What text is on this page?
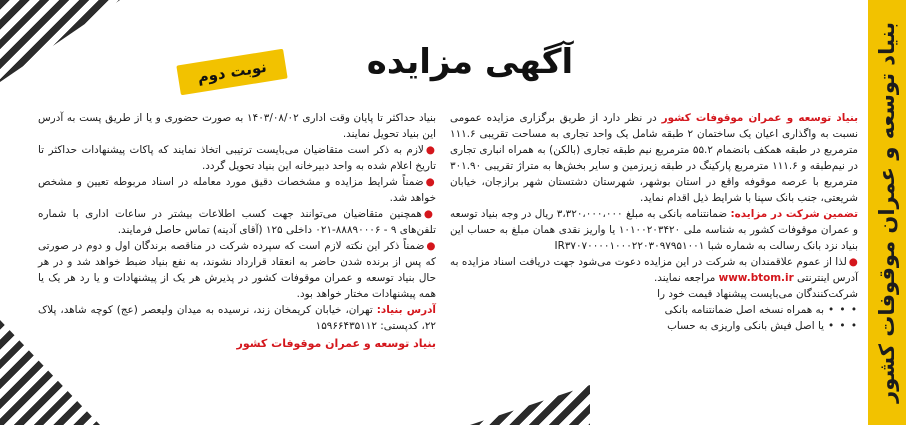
بنیاد توسعه و عمران موقوفات کشور
آگهی مزایده
نوبت دوم

بنیاد توسعه و عمران موقوفات کشور در نظر دارد از طریق برگزاری مزایده عمومی نسبت به واگذاری اعیان یک ساختمان ۲ طبقه شامل یک واحد تجاری به مساحت تقریبی ۱۱۱.۶ مترمربع در طبقه همکف بانضمام ۵۵.۲ مترمربع نیم طبقه تجاری (بالکن) به همراه انباری تجاری در نیم‌طبقه و ۱۱۱.۶ مترمربع پارکینگ در طبقه زیرزمین و سایر بخش‌ها به متراژ تقریبی ۳۰۱.۹۰ مترمربع با عرصه موقوفه واقع در استان بوشهر، شهرستان دشتستان شهر برازجان، خیابان شریعتی، جنب بانک سپنا با شرایط ذیل اقدام نماید.

تضمین شرکت در مزایده: ضمانتنامه بانکی به مبلغ ۳،۳۲۰،۰۰۰،۰۰۰ ریال در وجه بنیاد توسعه و عمران موقوفات کشور به شناسه ملی ۱۰۱۰۰۲۰۳۴۲۰ یا واریز نقدی همان مبلغ به حساب این بنیاد نزد بانک رسالت به شماره شبا IR۳۷۰۷۰۰۰۰۱۰۰۰۲۲۰۳۰۹۷۹۵۱۰۰۱

●لذا از عموم علاقمندان به شرکت در این مزایده دعوت می‌شود جهت دریافت اسناد مزایده به آدرس اینترنتی www.btom.ir مراجعه نمایند.

شرکت‌کنندگان می‌بایست پیشنهاد قیمت خود را

• • • به همراه نسخه اصل ضمانتنامه بانکی
• • • یا اصل فیش بانکی واریزی به حساب

بنیاد حداکثر تا پایان وقت اداری ۱۴۰۳/۰۸/۰۲ به صورت حضوری و یا از طریق پست به آدرس این بنیاد تحویل نمایند.

●لازم به ذکر است متقاضیان می‌بایست ترتیبی اتخاذ نمایند که پاکات پیشنهادات حداکثر تا تاریخ اعلام شده به واحد دبیرخانه این بنیاد تحویل گردد.

●ضمناً شرایط مزایده و مشخصات دقیق مورد معامله در اسناد مربوطه تعیین و مشخص خواهد شد.

●همچنین متقاضیان می‌توانند جهت کسب اطلاعات بیشتر در ساعات اداری با شماره تلفن‌های ۹ - ۸۸۸۹۰۰۰۶-۰۲۱ داخلی ۱۲۵ (آقای آدینه) تماس حاصل فرمایند.

●ضمناً ذکر این نکته لازم است که سپرده شرکت در مناقصه برندگان اول و دوم در صورتی که پس از برنده شدن حاضر به انعقاد قرارداد نشوند، به نفع بنیاد ضبط خواهد شد و در هر حال بنیاد توسعه و عمران موقوفات کشور در پذیرش هر یک از پیشنهادات و یا رد هر یک یا همه پیشنهادات مختار خواهد بود.

آدرس بنیاد: تهران، خیابان کریمخان زند، نرسیده به میدان ولیعصر (عج) کوچه شاهد، پلاک ۲۲، کدپستی: ۱۵۹۶۶۴۳۵۱۱۲

بنیاد توسعه و عمران موقوفات کشور
